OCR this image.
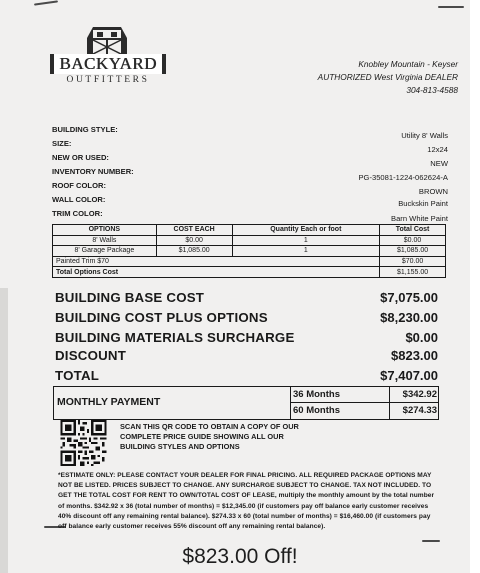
BACKYARD
OUTFITTERS
Knobley Mountain - Keyser
AUTHORIZED West Virginia DEALER
304-813-4588
BUILDING STYLE:
Utility 8' Walls
SIZE:
12x24
NEW OR USED:
NEW
INVENTORY NUMBER:
PG-35081-1224-062624-A
ROOF COLOR:
BROWN
WALL COLOR:	Buckskin Paint
TRIM COLOR:
Barn White Paint
OPTIONS	COST EACH	Quantity Each or foot	Total Cost
8' Walls	$0.00	1	$0.00
8' Garage Package	$1,085.00	1	$1,085.00
Painted Trim $70			$70.00
Total Options Cost			$1,155.00
BUILDING BASE COST	$7,075.00
BUILDING COST PLUS OPTIONS	$8,230.00
BUILDING MATERIALS SURCHARGE	$0.00
DISCOUNT	$823.00
TOTAL	$7,407.00
MONTHLY PAYMENT
36 Months	$342.92
60 Months	$274.33
SCAN THIS QR CODE TO OBTAIN A COPY OF OUR COMPLETE PRICE GUIDE SHOWING ALL OUR BUILDING STYLES AND OPTIONS
*ESTIMATE ONLY: PLEASE CONTACT YOUR DEALER FOR FINAL PRICING. ALL REQUIRED PACKAGE OPTIONS MAY NOT BE LISTED. PRICES SUBJECT TO CHANGE. ANY SURCHARGE SUBJECT TO CHANGE. TAX NOT INCLUDED. TO GET THE TOTAL COST FOR RENT TO OWN/TOTAL COST OF LEASE, multiply the monthly amount by the total number of months. $342.92 x 36 (total number of months) = $12,345.00 (if customers pay off balance early customer receives 40% discount off any remaining rental balance). $274.33 x 60 (total number of months) = $16,460.00 (if customers pay off balance early customer receives 55% discount off any remaining rental balance).
$823.00 Off!
